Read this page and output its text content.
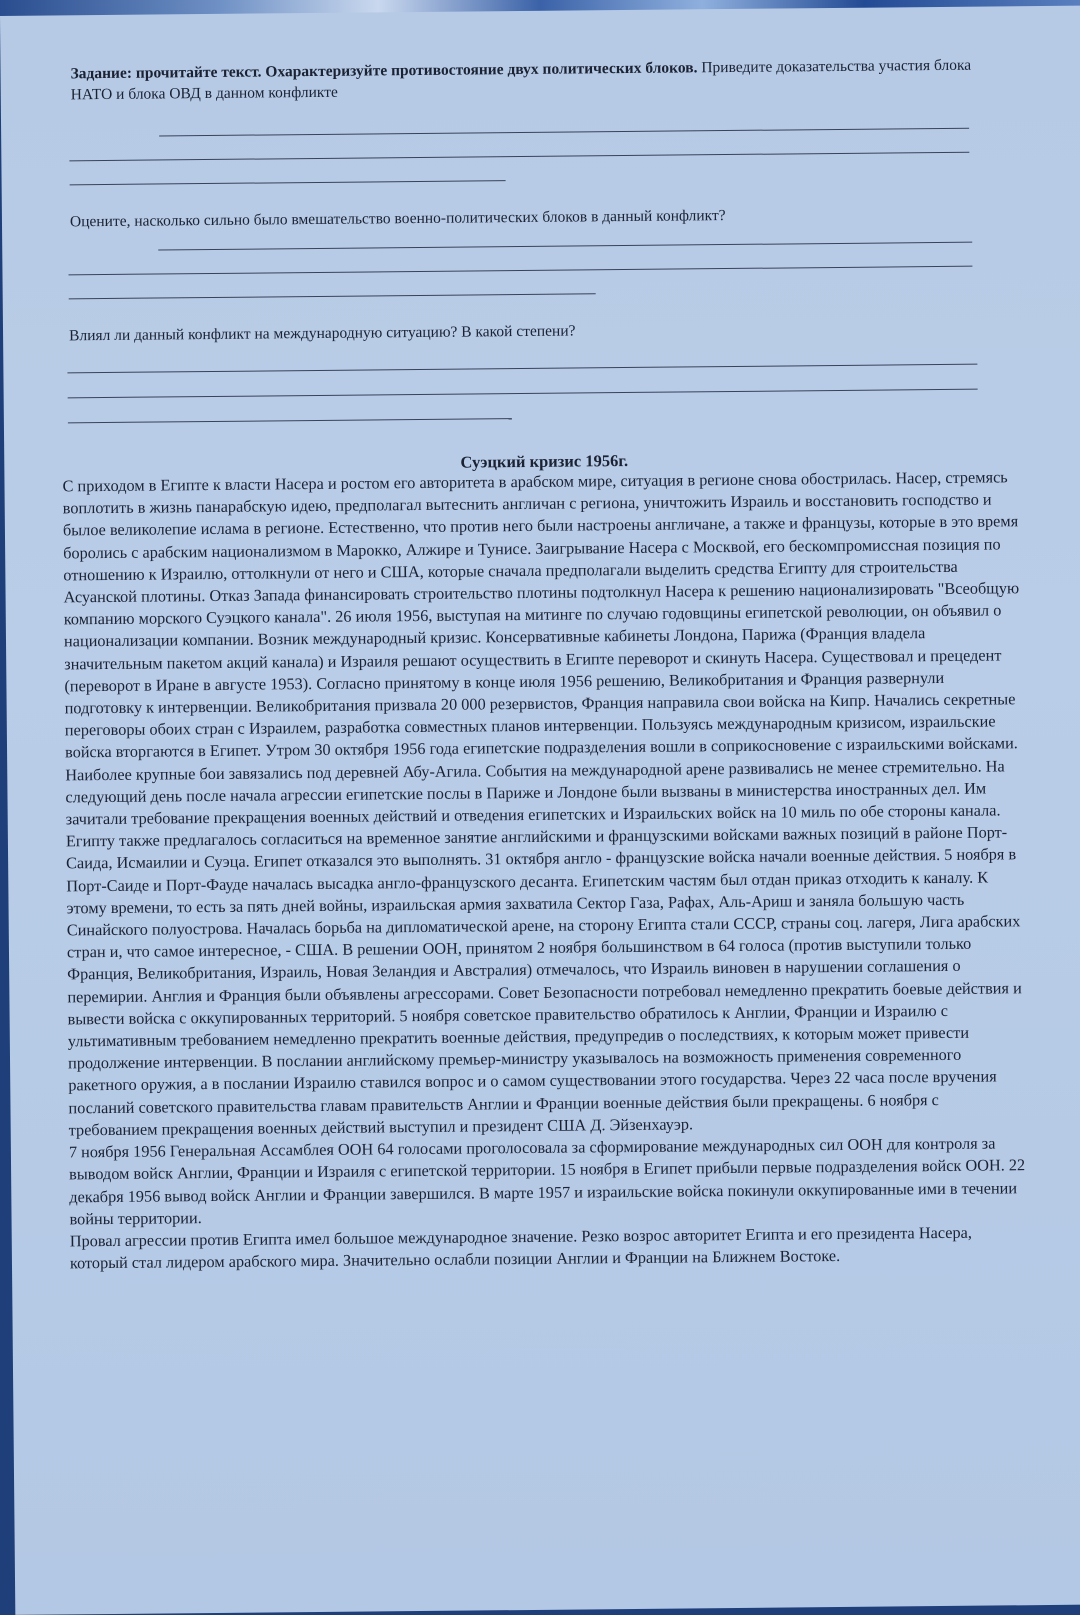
Задание: прочитайте текст. Охарактеризуйте противостояние двух политических блоков. Приведите доказательства участия блока НАТО и блока ОВД в данном конфликте
Оцените, насколько сильно было вмешательство военно-политических блоков в данный конфликт?
Влиял ли данный конфликт на международную ситуацию? В какой степени?
Суэцкий кризис 1956г.

С приходом в Египте к власти Насера и ростом его авторитета в арабском мире, ситуация в регионе снова обострилась. Насер, стремясь воплотить в жизнь панарабскую идею, предполагал вытеснить англичан с региона, уничтожить Израиль и восстановить господство и былое великолепие ислама в регионе. Естественно, что против него были настроены англичане, а также и французы, которые в это время боролись с арабским национализмом в Марокко, Алжире и Тунисе. Заигрывание Насера с Москвой, его бескомпромиссная позиция по отношению к Израилю, оттолкнули от него и США, которые сначала предполагали выделить средства Египту для строительства Асуанской плотины. Отказ Запада финансировать строительство плотины подтолкнул Насера к решению национализировать "Всеобщую компанию морского Суэцкого канала". 26 июля 1956, выступая на митинге по случаю годовщины египетской революции, он объявил о национализации компании. Возник международный кризис. Консервативные кабинеты Лондона, Парижа (Франция владела значительным пакетом акций канала) и Израиля решают осуществить в Египте переворот и скинуть Насера. Существовал и прецедент (переворот в Иране в августе 1953). Согласно принятому в конце июля 1956 решению, Великобритания и Франция развернули подготовку к интервенции. Великобритания призвала 20 000 резервистов, Франция направила свои войска на Кипр. Начались секретные переговоры обоих стран с Израилем, разработка совместных планов интервенции. Пользуясь международным кризисом, израильские войска вторгаются в Египет. Утром 30 октября 1956 года египетские подразделения вошли в соприкосновение с израильскими войсками. Наиболее крупные бои завязались под деревней Абу-Агила. События на международной арене развивались не менее стремительно. На следующий день после начала агрессии египетские послы в Париже и Лондоне были вызваны в министерства иностранных дел. Им зачитали требование прекращения военных действий и отведения египетских и Израильских войск на 10 миль по обе стороны канала. Египту также предлагалось согласиться на временное занятие английскими и французскими войсками важных позиций в районе Порт-Саида, Исмаилии и Суэца. Египет отказался это выполнять. 31 октября англо - французские войска начали военные действия. 5 ноября в Порт-Саиде и Порт-Фауде началась высадка англо-французского десанта. Египетским частям был отдан приказ отходить к каналу. К этому времени, то есть за пять дней войны, израильская армия захватила Сектор Газа, Рафах, Аль-Ариш и заняла большую часть Синайского полуострова. Началась борьба на дипломатической арене, на сторону Египта стали СССР, страны соц. лагеря, Лига арабских стран и, что самое интересное, - США. В решении ООН, принятом 2 ноября большинством в 64 голоса (против выступили только Франция, Великобритания, Израиль, Новая Зеландия и Австралия) отмечалось, что Израиль виновен в нарушении соглашения о перемирии. Англия и Франция были объявлены агрессорами. Совет Безопасности потребовал немедленно прекратить боевые действия и вывести войска с оккупированных территорий. 5 ноября советское правительство обратилось к Англии, Франции и Израилю с ультимативным требованием немедленно прекратить военные действия, предупредив о последствиях, к которым может привести продолжение интервенции. В послании английскому премьер-министру указывалось на возможность применения современного ракетного оружия, а в послании Израилю ставился вопрос и о самом существовании этого государства. Через 22 часа после вручения посланий советского правительства главам правительств Англии и Франции военные действия были прекращены. 6 ноября с требованием прекращения военных действий выступил и президент США Д. Эйзенхауэр.

7 ноября 1956 Генеральная Ассамблея ООН 64 голосами проголосовала за сформирование международных сил ООН для контроля за выводом войск Англии, Франции и Израиля с египетской территории. 15 ноября в Египет прибыли первые подразделения войск ООН. 22 декабря 1956 вывод войск Англии и Франции завершился. В марте 1957 и израильские войска покинули оккупированные ими в течении войны территории.

Провал агрессии против Египта имел большое международное значение. Резко возрос авторитет Египта и его президента Насера, который стал лидером арабского мира. Значительно ослабли позиции Англии и Франции на Ближнем Востоке.
